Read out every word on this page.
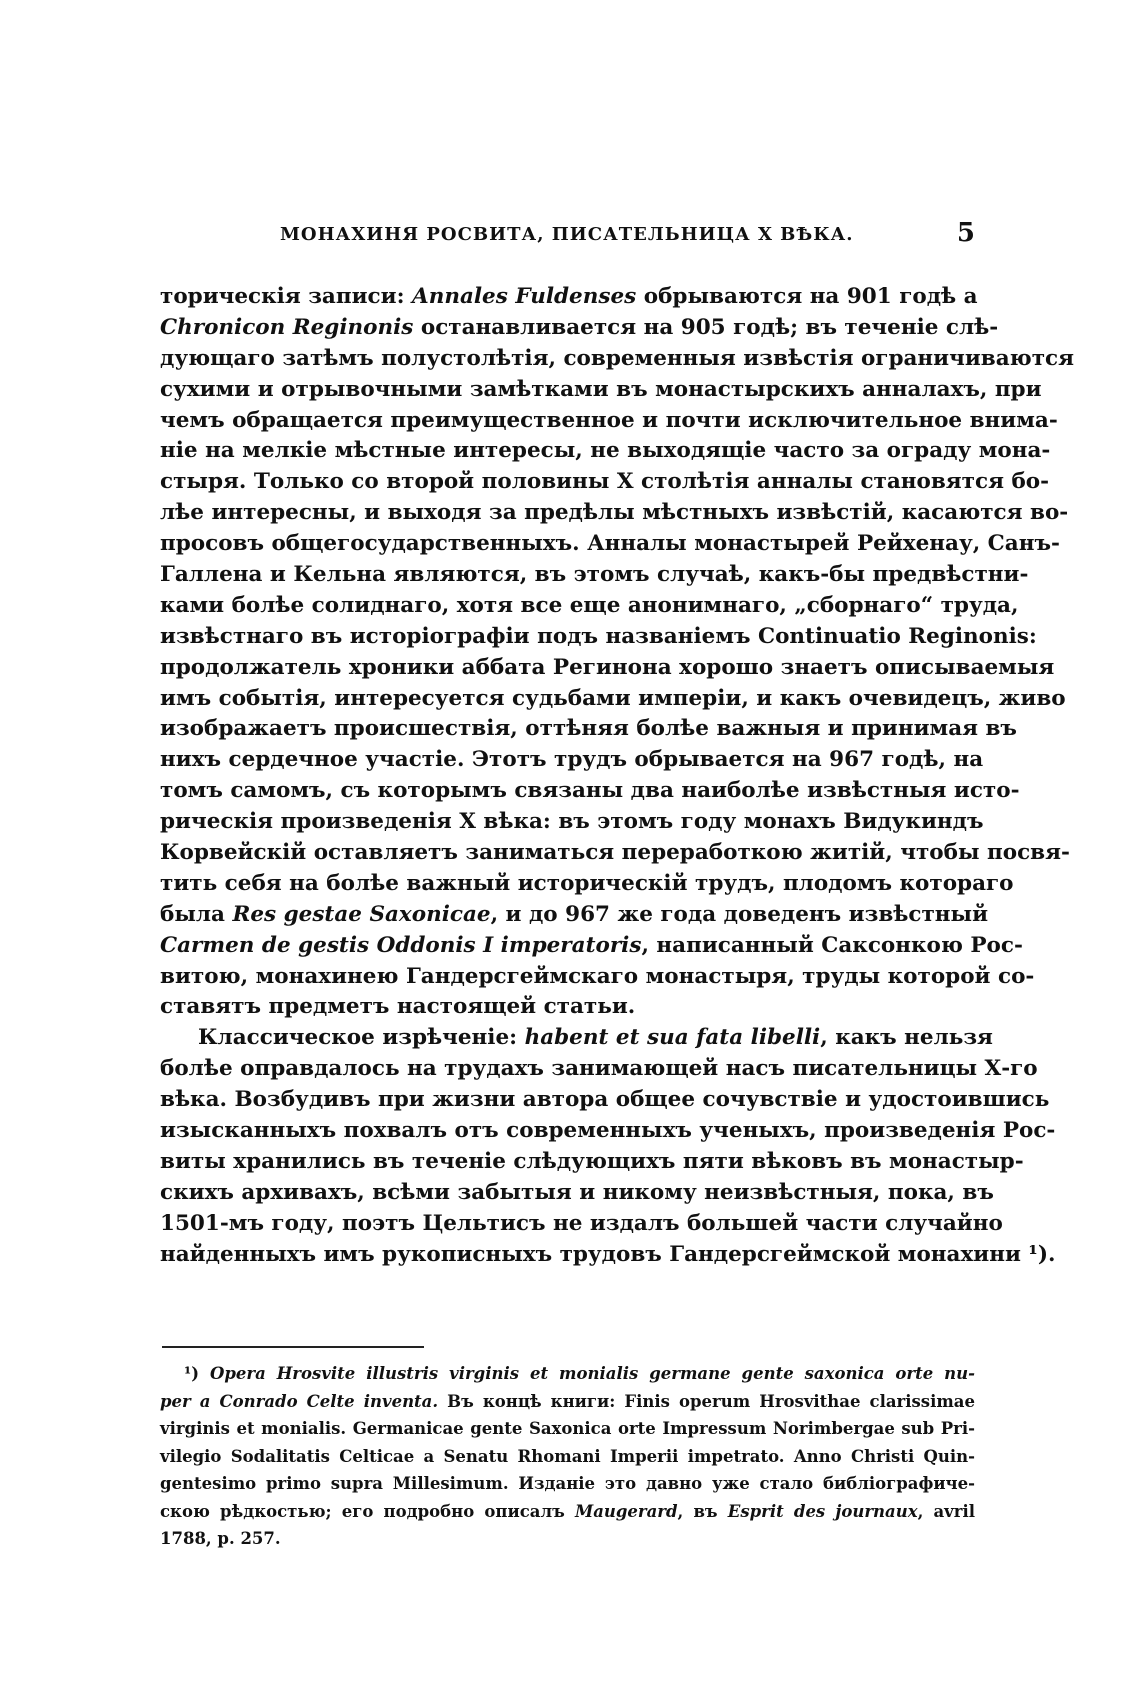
МОНАХИНЯ РОСВИТА, ПИСАТЕЛЬНИЦА Х ВѢКА.	5
торическія записи: Annales Fuldenses обрываются на 901 годѣ а
Chronicon Reginonis останавливается на 905 годѣ; въ теченіе слѣ-
дующаго затѣмъ полустолѣтія, современныя извѣстія ограничиваются
сухими и отрывочными замѣтками въ монастырскихъ анналахъ, при
чемъ обращается преимущественное и почти исключительное внима-
ніе на мелкіе мѣстные интересы, не выходящіе часто за ограду мона-
стыря. Только со второй половины Х столѣтія анналы становятся бо-
лѣе интересны, и выходя за предѣлы мѣстныхъ извѣстій, касаются во-
просовъ общегосударственныхъ. Анналы монастырей Рейхенау, Санъ-
Галлена и Кельна являются, въ этомъ случаѣ, какъ-бы предвѣстни-
ками болѣе солиднаго, хотя все еще анонимнаго, „сборнаго“ труда,
извѣстнаго въ исторіографіи подъ названіемъ Continuatio Reginonis:
продолжатель хроники аббата Регинона хорошо знаетъ описываемыя
имъ событія, интересуется судьбами имперіи, и какъ очевидецъ, живо
изображаетъ происшествія, оттѣняя болѣе важныя и принимая въ
нихъ сердечное участіе. Этотъ трудъ обрывается на 967 годѣ, на
томъ самомъ, съ которымъ связаны два наиболѣе извѣстныя исто-
рическія произведенія Х вѣка: въ этомъ году монахъ Видукиндъ
Корвейскій оставляетъ заниматься переработкою житій, чтобы посвя-
тить себя на болѣе важный историческій трудъ, плодомъ котораго
была Res gestae Saxonicae, и до 967 же года доведенъ извѣстный
Carmen de gestis Oddonis I imperatoris, написанный Саксонкою Рос-
витою, монахинею Гандерсгеймскаго монастыря, труды которой со-
ставятъ предметъ настоящей статьи.
Классическое изрѣченіе: habent et sua fata libelli, какъ нельзя
болѣе оправдалось на трудахъ занимающей насъ писательницы Х-го
вѣка. Возбудивъ при жизни автора общее сочувствіе и удостоившись
изысканныхъ похвалъ отъ современныхъ ученыхъ, произведенія Рос-
виты хранились въ теченіе слѣдующихъ пяти вѣковъ въ монастыр-
скихъ архивахъ, всѣми забытыя и никому неизвѣстныя, пока, въ
1501-мъ году, поэтъ Цельтисъ не издалъ большей части случайно
найденныхъ имъ рукописныхъ трудовъ Гандерсгеймской монахини ¹).
¹) Opera Hrosvite illustris virginis et monialis germane gente saxonica orte nu-
per a Conrado Celte inventa. Въ концѣ книги: Finis operum Hrosvithae clarissimae
virginis et monialis. Germanicae gente Saxonica orte Impressum Norimbergae sub Pri-
vilegio Sodalitatis Celticae a Senatu Rhomani Imperii impetrato. Anno Christi Quin-
gentesimo primo supra Millesimum. Изданіе это давно уже стало библіографиче-
скою рѣдкостью; его подробно описалъ Maugerard, въ Esprit des journaux, avril
1788, р. 257.
